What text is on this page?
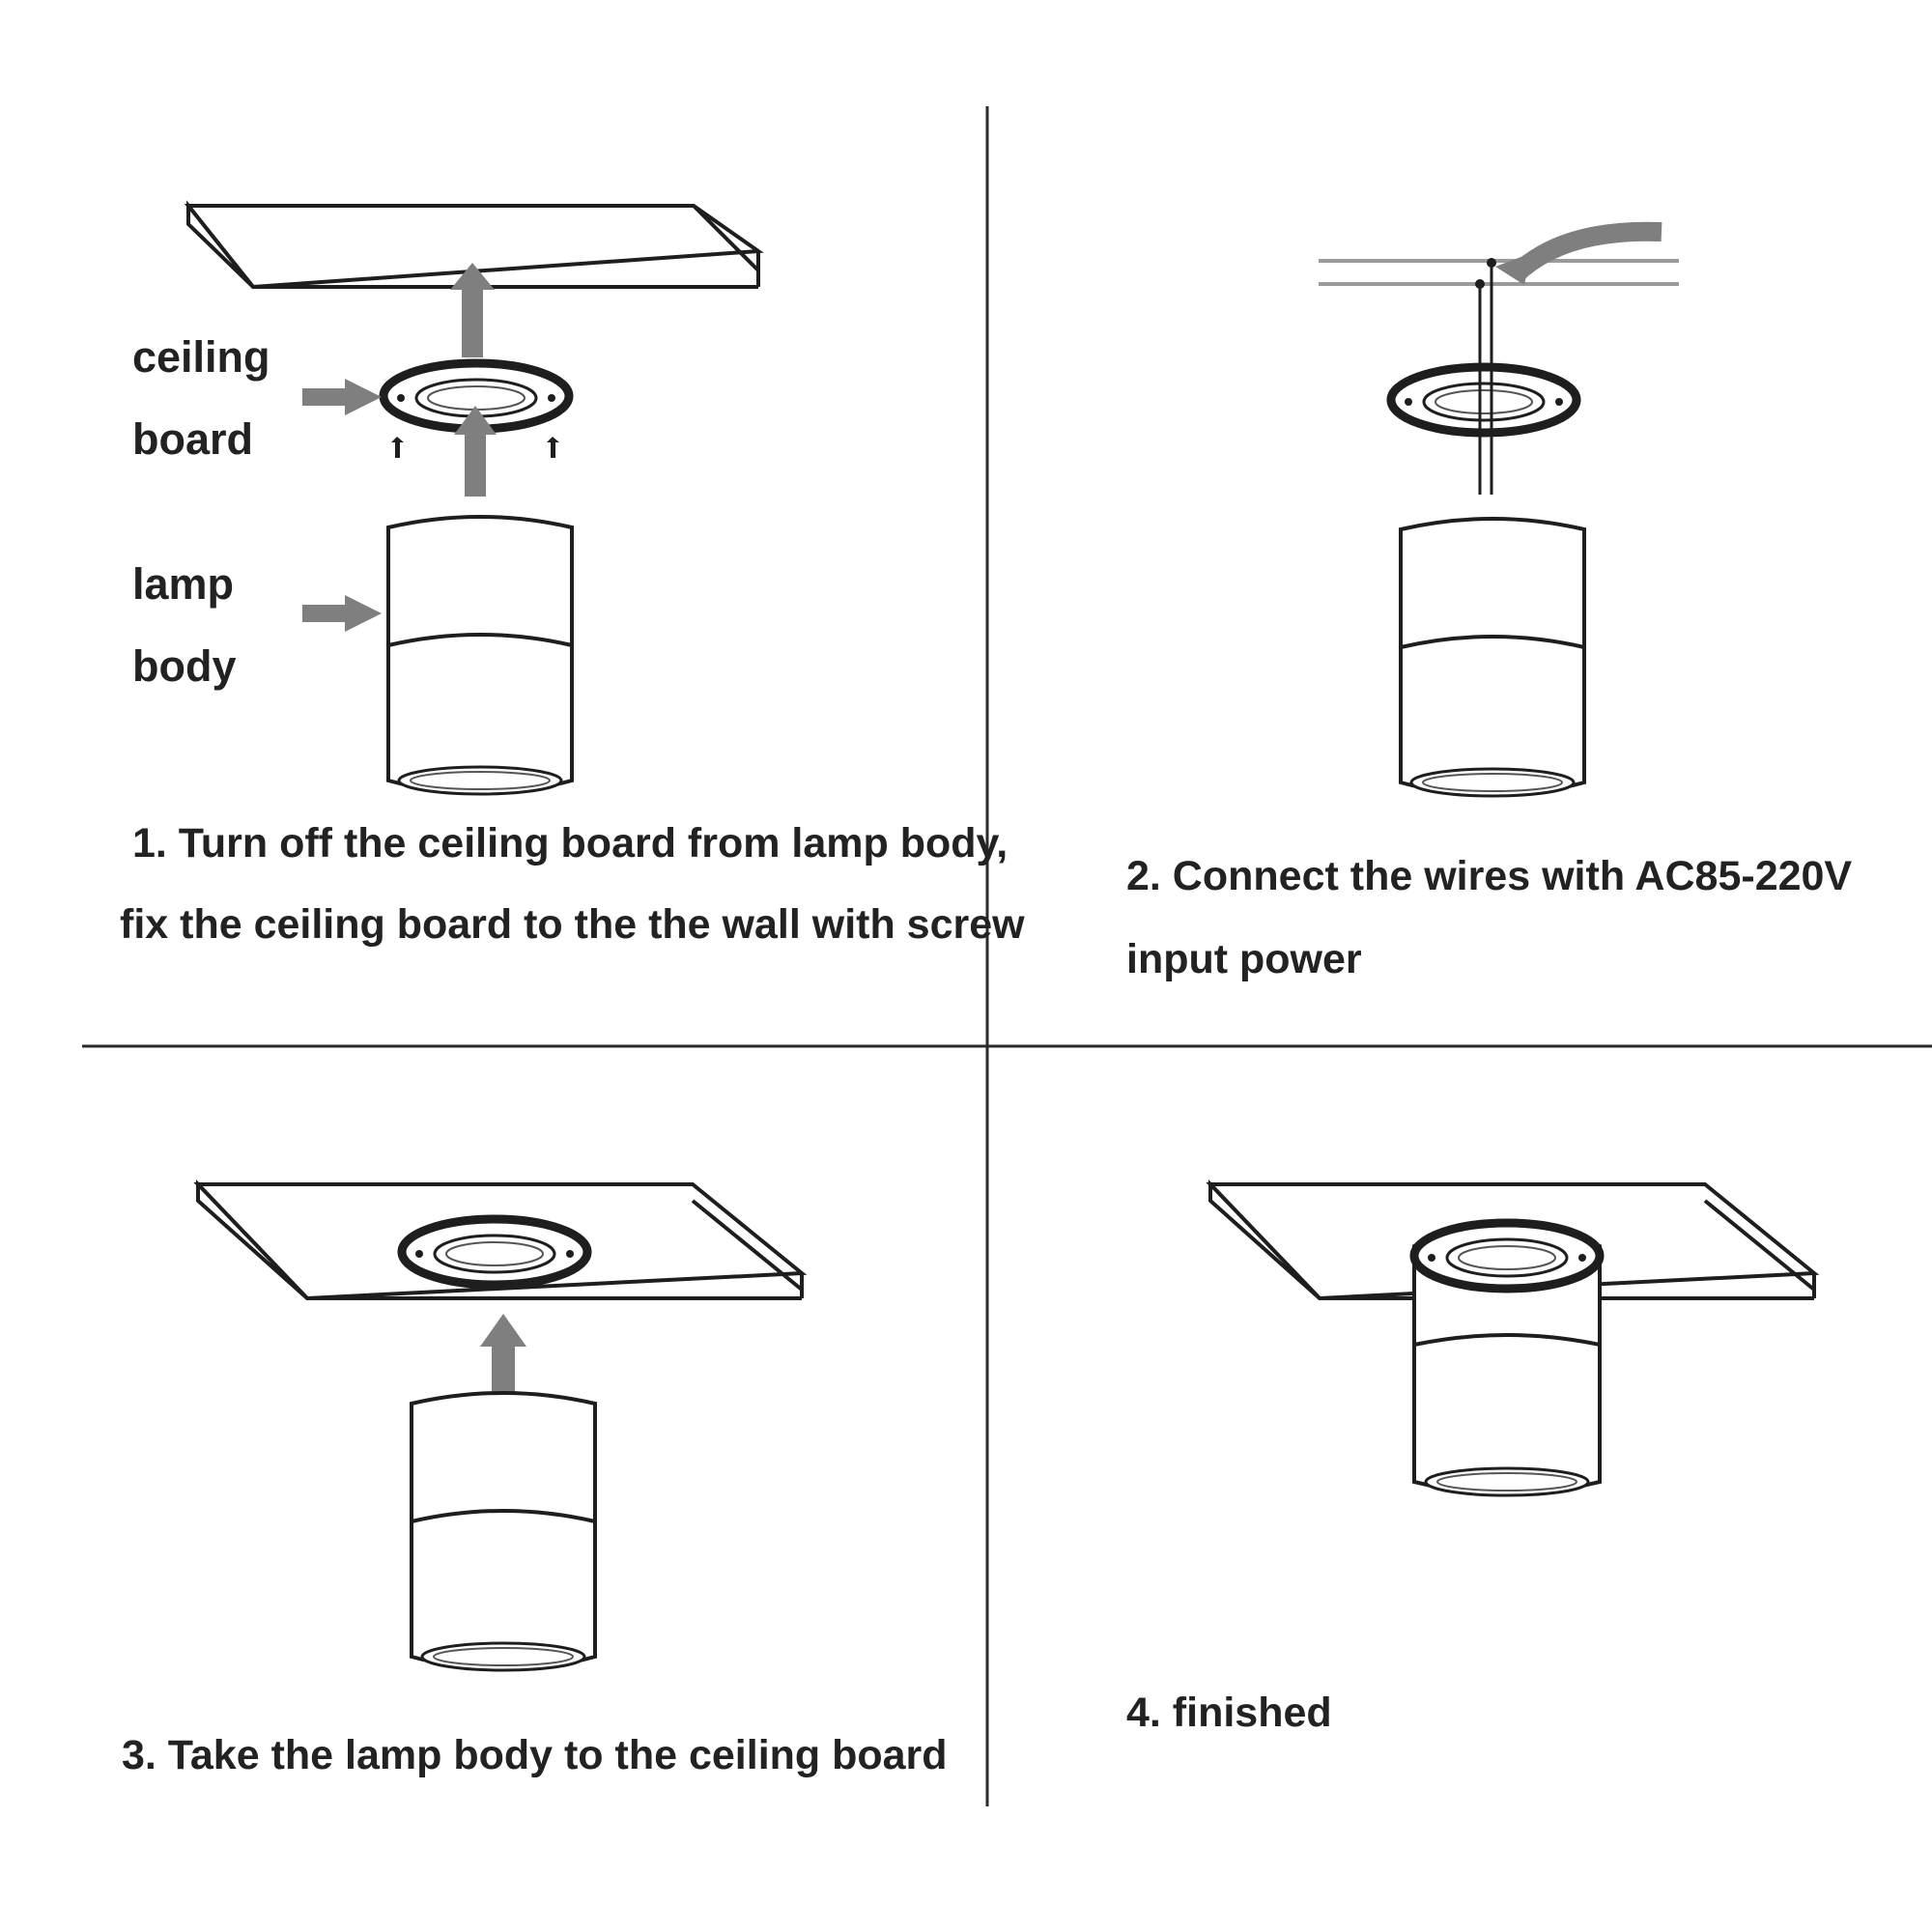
ceiling
board
lamp
body
1. Turn off the ceiling board from lamp body,
fix the ceiling board to the the wall with screw
2. Connect the wires with AC85-220V
input power
3. Take the lamp body to the ceiling board
4. finished
